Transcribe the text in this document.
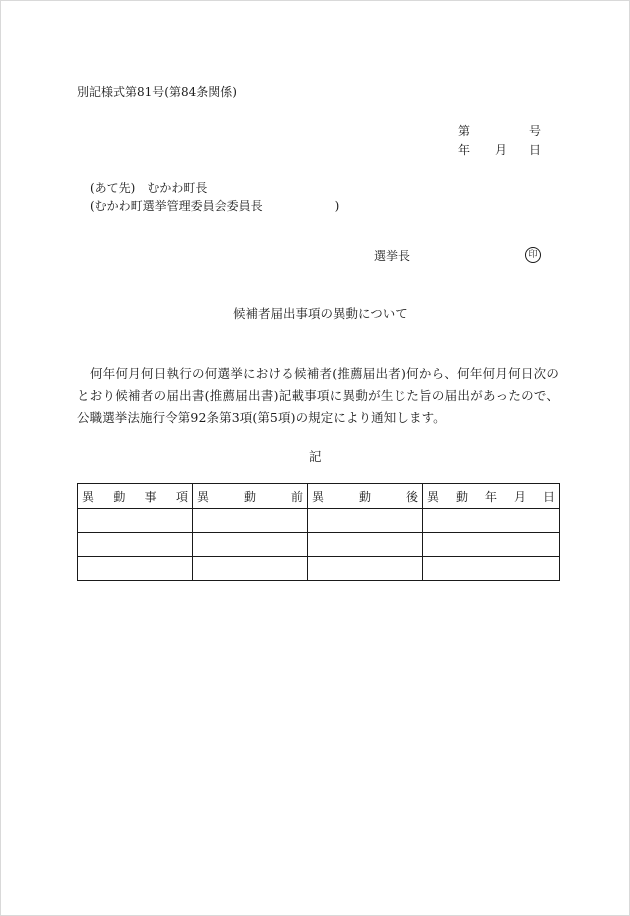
別記様式第81号(第84条関係)
第	号
年 月 日
(あて先)　むかわ町長
(むかわ町選挙管理委員会委員長　　　　　　)
選挙長	印
候補者届出事項の異動について
何年何月何日執行の何選挙における候補者(推薦届出者)何から、何年何月何日次のとおり候補者の届出書(推薦届出書)記載事項に異動が生じた旨の届出があったので、公職選挙法施行令第92条第3項(第5項)の規定により通知します。
記
異 動 事 項	異 動 前	異 動 後	異 動 年 月 日
